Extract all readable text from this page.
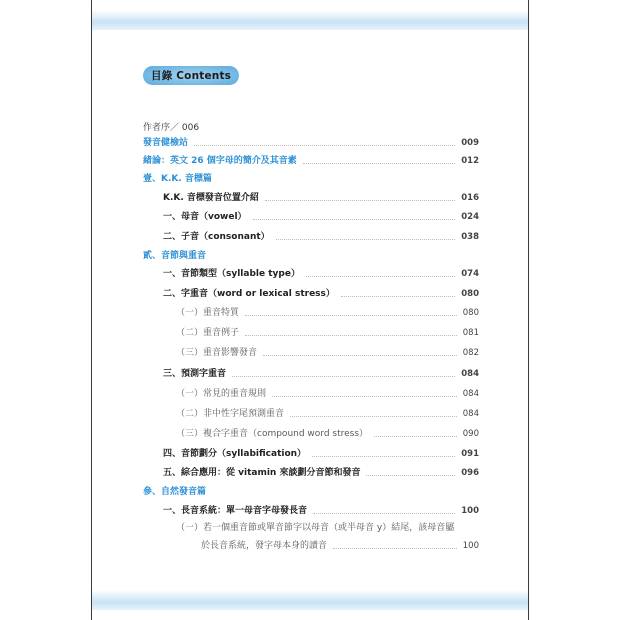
目錄 Contents
作者序／ 006
發音健檢站	009
緒論：英文 26 個字母的簡介及其音素	012
壹、K.K. 音標篇
K.K. 音標發音位置介紹	016
一、母音（vowel）	024
二、子音（consonant）	038
貳、音節與重音
一、音節類型（syllable type）	074
二、字重音（word or lexical stress）	080
（一）重音特質	080
（二）重音例子	081
（三）重音影響發音	082
三、預測字重音	084
（一）常見的重音規則	084
（二）非中性字尾預測重音	084
（三）複合字重音（compound word stress）	090
四、音節劃分（syllabification）	091
五、綜合應用：從 vitamin 來談劃分音節和發音	096
參、自然發音篇
一、長音系統：單一母音字母發長音	100
（一）若一個重音節或單音節字以母音（或半母音 y）結尾，該母音屬
於長音系統，發字母本身的讀音	100
